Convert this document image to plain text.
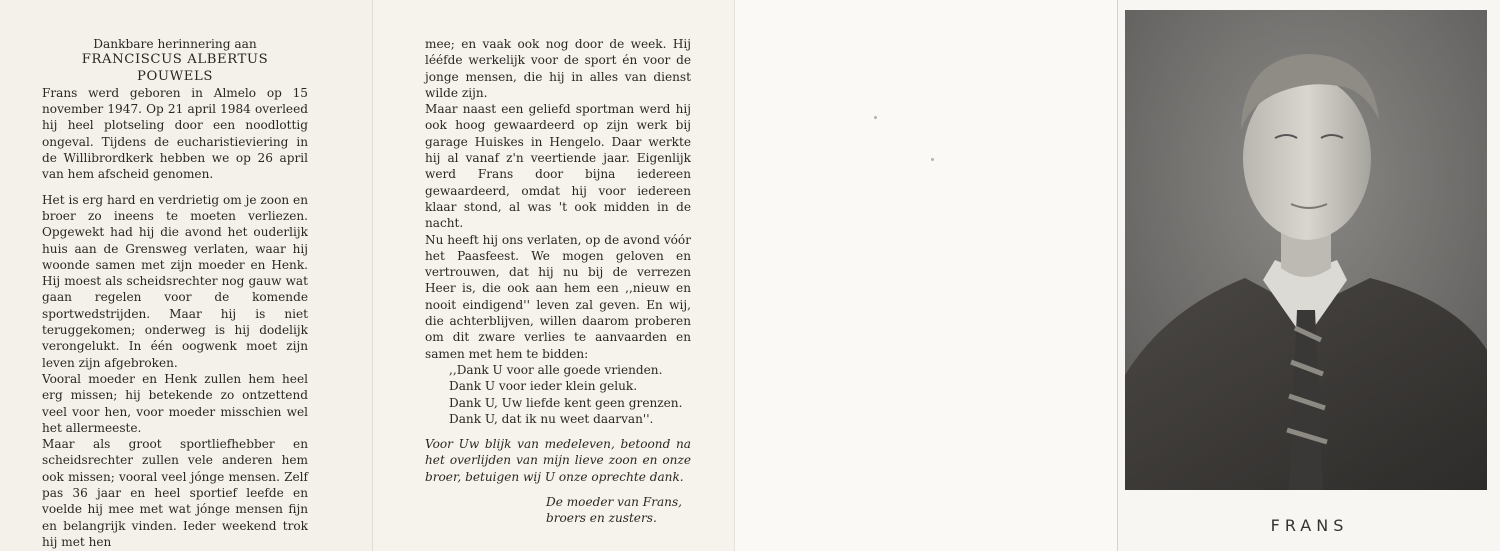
Dankbare herinnering aan

FRANCISCUS ALBERTUS POUWELS

Frans werd geboren in Almelo op 15 november 1947. Op 21 april 1984 overleed hij heel plotseling door een noodlottig ongeval. Tijdens de eucharistieviering in de Willibrordkerk hebben we op 26 april van hem afscheid genomen.

Het is erg hard en verdrietig om je zoon en broer zo ineens te moeten verliezen. Opgewekt had hij die avond het ouderlijk huis aan de Grensweg verlaten, waar hij woonde samen met zijn moeder en Henk. Hij moest als scheidsrechter nog gauw wat gaan regelen voor de komende sportwedstrijden. Maar hij is niet teruggekomen; onderweg is hij dodelijk verongelukt. In één oogwenk moet zijn leven zijn afgebroken.

Vooral moeder en Henk zullen hem heel erg missen; hij betekende zo ontzettend veel voor hen, voor moeder misschien wel het allermeeste.

Maar als groot sportliefhebber en scheidsrechter zullen vele anderen hem ook missen; vooral veel jónge mensen. Zelf pas 36 jaar en heel sportief leefde en voelde hij mee met wat jónge mensen fijn en belangrijk vinden. Ieder weekend trok hij met hen

mee; en vaak ook nog door de week. Hij lééfde werkelijk voor de sport én voor de jonge mensen, die hij in alles van dienst wilde zijn.

Maar naast een geliefd sportman werd hij ook hoog gewaardeerd op zijn werk bij garage Huiskes in Hengelo. Daar werkte hij al vanaf z'n veertiende jaar. Eigenlijk werd Frans door bijna iedereen gewaardeerd, omdat hij voor iedereen klaar stond, al was 't ook midden in de nacht.

Nu heeft hij ons verlaten, op de avond vóór het Paasfeest. We mogen geloven en vertrouwen, dat hij nu bij de verrezen Heer is, die ook aan hem een ,,nieuw en nooit eindigend'' leven zal geven. En wij, die achterblijven, willen daarom proberen om dit zware verlies te aanvaarden en samen met hem te bidden:

,,Dank U voor alle goede vrienden.

Dank U voor ieder klein geluk.

Dank U, Uw liefde kent geen grenzen.

Dank U, dat ik nu weet daarvan''.

Voor Uw blijk van medeleven, betoond na het overlijden van mijn lieve zoon en onze broer, betuigen wij U onze oprechte dank.

De moeder van Frans,

broers en zusters.	FRANS
